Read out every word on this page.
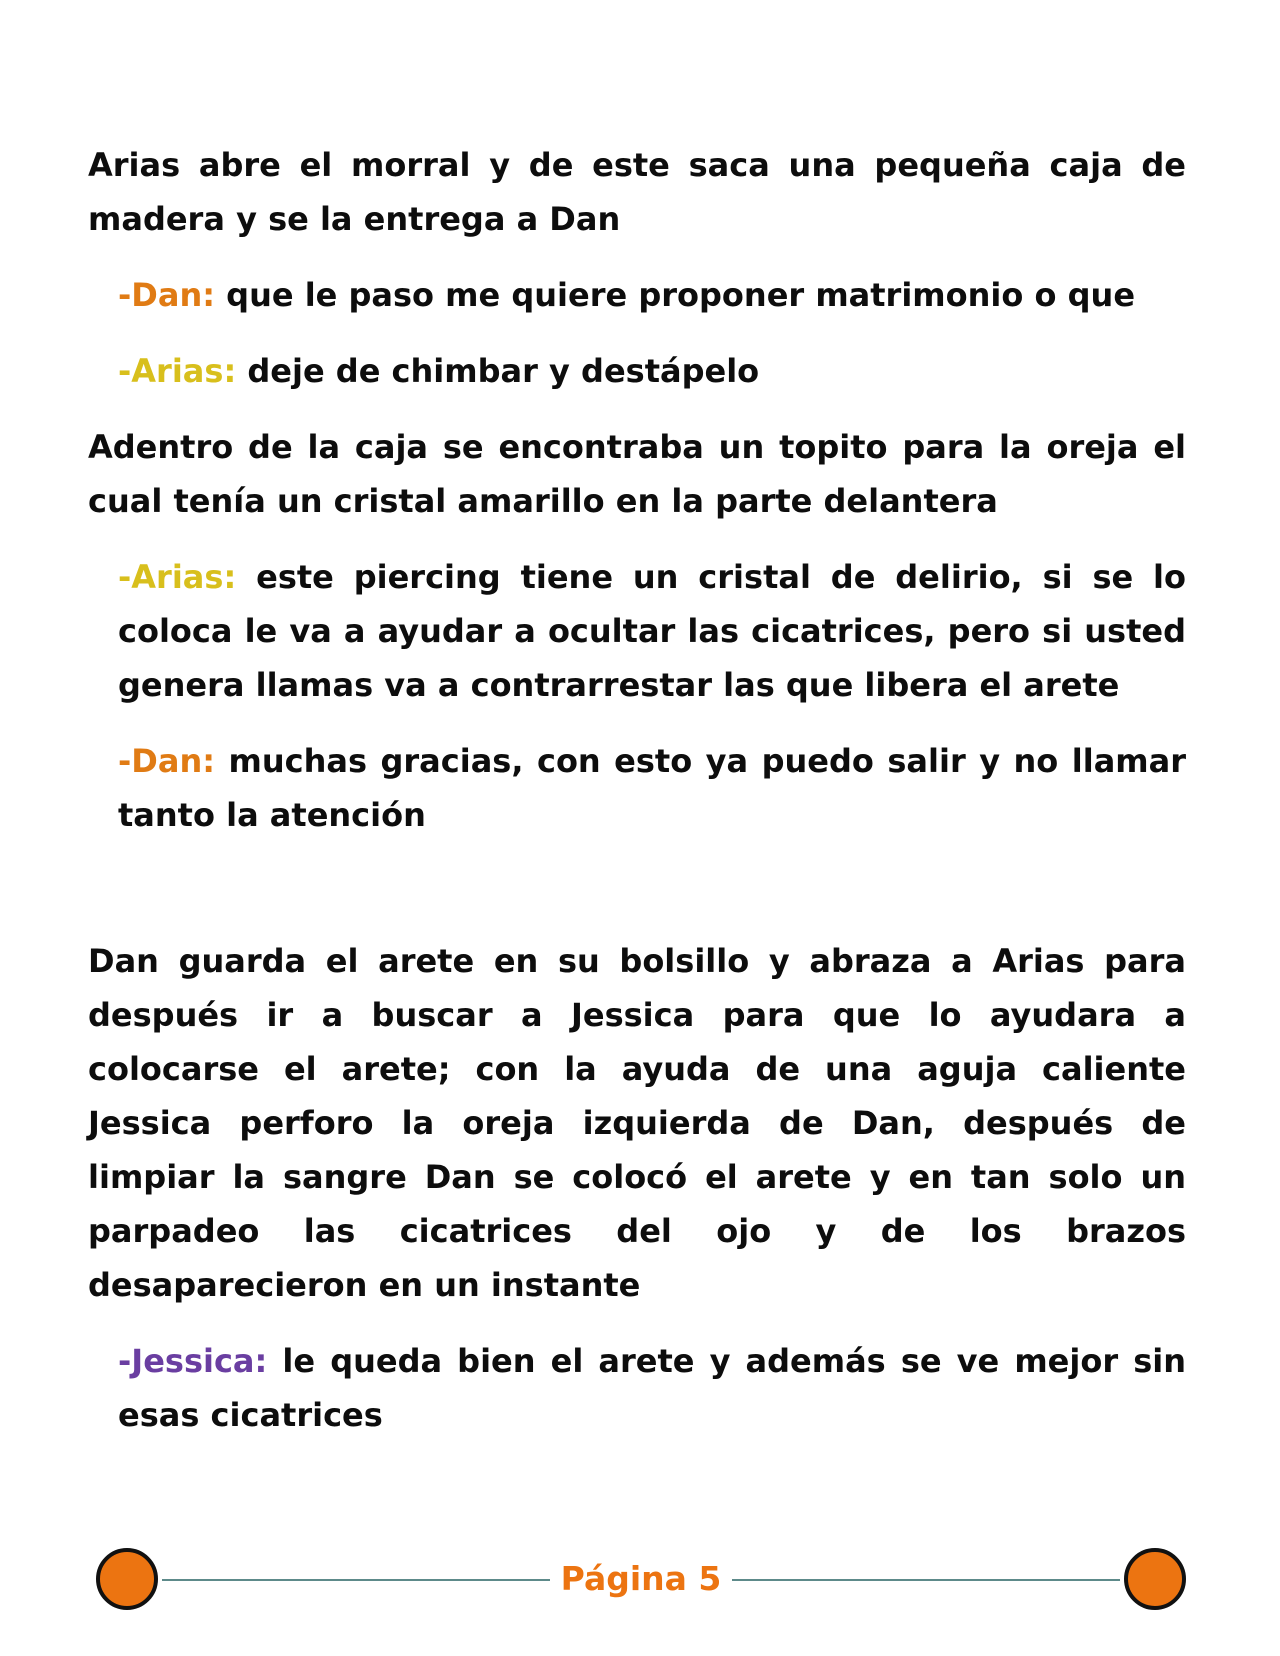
Arias abre el morral y de este saca una pequeña caja de madera y se la entrega a Dan

-Dan: que le paso me quiere proponer matrimonio o que

-Arias: deje de chimbar y destápelo

Adentro de la caja se encontraba un topito para la oreja el cual tenía un cristal amarillo en la parte delantera

-Arias: este piercing tiene un cristal de delirio, si se lo coloca le va a ayudar a ocultar las cicatrices, pero si usted genera llamas va a contrarrestar las que libera el arete

-Dan: muchas gracias, con esto ya puedo salir y no llamar tanto la atención

Dan guarda el arete en su bolsillo y abraza a Arias para después ir a buscar a Jessica para que lo ayudara a colocarse el arete; con la ayuda de una aguja caliente Jessica perforo la oreja izquierda de Dan, después de limpiar la sangre Dan se colocó el arete y en tan solo un parpadeo las cicatrices del ojo y de los brazos desaparecieron en un instante

-Jessica: le queda bien el arete y además se ve mejor sin esas cicatrices

Página 5
